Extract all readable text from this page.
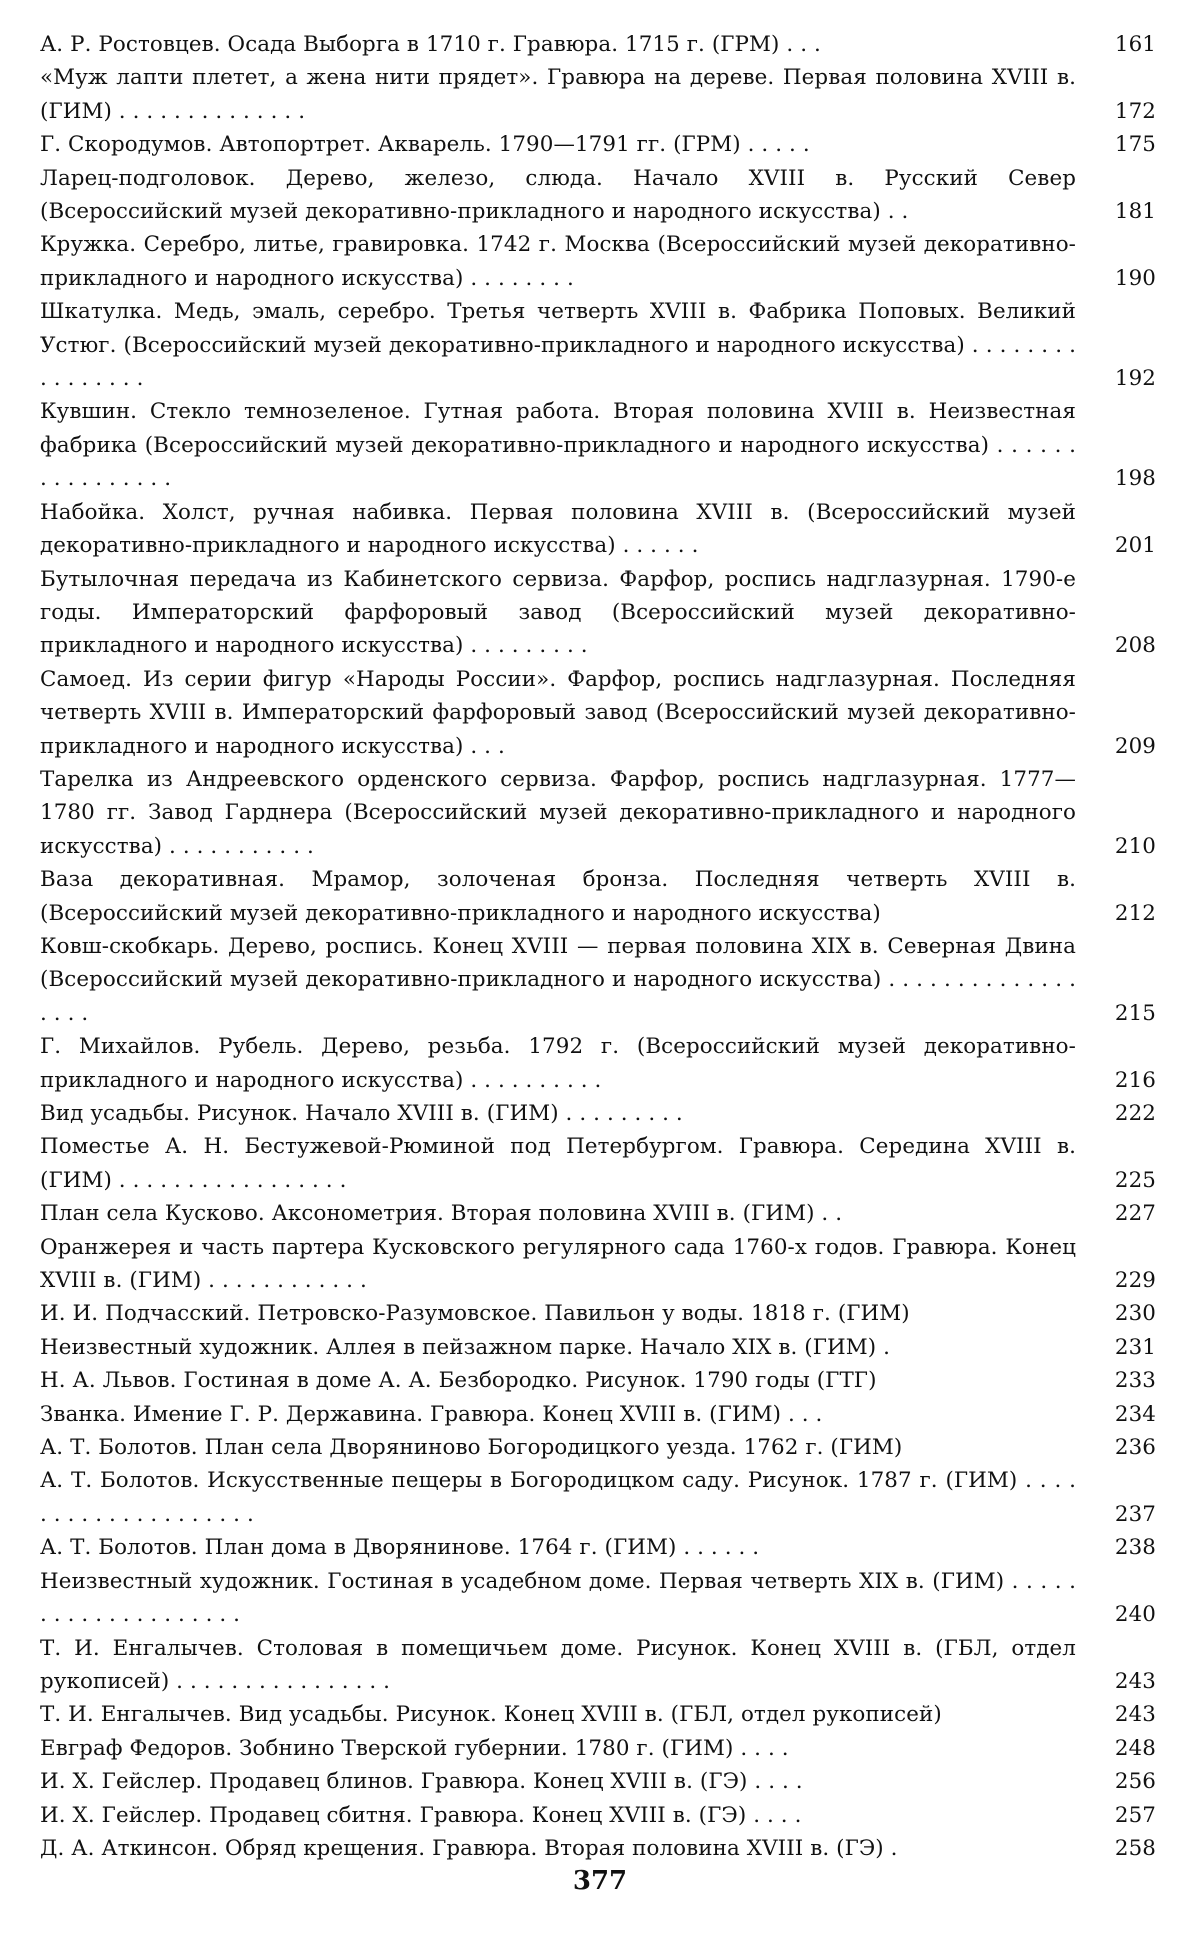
А. Р. Ростовцев. Осада Выборга в 1710 г. Гравюра. 1715 г. (ГРМ) . . .	161
«Муж лапти плетет, а жена нити прядет». Гравюра на дереве. Первая половина XVIII в. (ГИМ) . . . . . . . . . . . . . .	172
Г. Скородумов. Автопортрет. Акварель. 1790—1791 гг. (ГРМ) . . . . .	175
Ларец-подголовок. Дерево, железо, слюда. Начало XVIII в. Русский Север (Всероссийский музей декоративно-прикладного и народного искусства) . .	181
Кружка. Серебро, литье, гравировка. 1742 г. Москва (Всероссийский музей декоративно-прикладного и народного искусства) . . . . . . . .	190
Шкатулка. Медь, эмаль, серебро. Третья четверть XVIII в. Фабрика Поповых. Великий Устюг. (Всероссийский музей декоративно-прикладного и народного искусства) . . . . . . . . . . . . . . . .	192
Кувшин. Стекло темнозеленое. Гутная работа. Вторая половина XVIII в. Неизвестная фабрика (Всероссийский музей декоративно-прикладного и народного искусства) . . . . . . . . . . . . . . . .	198
Набойка. Холст, ручная набивка. Первая половина XVIII в. (Всероссийский музей декоративно-прикладного и народного искусства) . . . . . .	201
Бутылочная передача из Кабинетского сервиза. Фарфор, роспись надглазурная. 1790-е годы. Императорский фарфоровый завод (Всероссийский музей декоративно-прикладного и народного искусства) . . . . . . . . .	208
Самоед. Из серии фигур «Народы России». Фарфор, роспись надглазурная. Последняя четверть XVIII в. Императорский фарфоровый завод (Всероссийский музей декоративно-прикладного и народного искусства) . . .	209
Тарелка из Андреевского орденского сервиза. Фарфор, роспись надглазурная. 1777—1780 гг. Завод Гарднера (Всероссийский музей декоративно-прикладного и народного искусства) . . . . . . . . . . .	210
Ваза декоративная. Мрамор, золоченая бронза. Последняя четверть XVIII в. (Всероссийский музей декоративно-прикладного и народного искусства)	212
Ковш-скобкарь. Дерево, роспись. Конец XVIII — первая половина XIX в. Северная Двина (Всероссийский музей декоративно-прикладного и народного искусства) . . . . . . . . . . . . . . . . . .	215
Г. Михайлов. Рубель. Дерево, резьба. 1792 г. (Всероссийский музей декоративно-прикладного и народного искусства) . . . . . . . . . .	216
Вид усадьбы. Рисунок. Начало XVIII в. (ГИМ) . . . . . . . . .	222
Поместье А. Н. Бестужевой-Рюминой под Петербургом. Гравюра. Середина XVIII в. (ГИМ) . . . . . . . . . . . . . . . . .	225
План села Кусково. Аксонометрия. Вторая половина XVIII в. (ГИМ) . .	227
Оранжерея и часть партера Кусковского регулярного сада 1760-х годов. Гравюра. Конец XVIII в. (ГИМ) . . . . . . . . . . . .	229
И. И. Подчасский. Петровско-Разумовское. Павильон у воды. 1818 г. (ГИМ)	230
Неизвестный художник. Аллея в пейзажном парке. Начало XIX в. (ГИМ) .	231
Н. А. Львов. Гостиная в доме А. А. Безбородко. Рисунок. 1790 годы (ГТГ)	233
Званка. Имение Г. Р. Державина. Гравюра. Конец XVIII в. (ГИМ) . . .	234
А. Т. Болотов. План села Дворяниново Богородицкого уезда. 1762 г. (ГИМ)	236
А. Т. Болотов. Искусственные пещеры в Богородицком саду. Рисунок. 1787 г. (ГИМ) . . . . . . . . . . . . . . . . . . . .	237
А. Т. Болотов. План дома в Дворянинове. 1764 г. (ГИМ) . . . . . .	238
Неизвестный художник. Гостиная в усадебном доме. Первая четверть XIX в. (ГИМ) . . . . . . . . . . . . . . . . . . . .	240
Т. И. Енгалычев. Столовая в помещичьем доме. Рисунок. Конец XVIII в. (ГБЛ, отдел рукописей) . . . . . . . . . . . . . . . .	243
Т. И. Енгалычев. Вид усадьбы. Рисунок. Конец XVIII в. (ГБЛ, отдел рукописей)	243
Евграф Федоров. Зобнино Тверской губернии. 1780 г. (ГИМ) . . . .	248
И. Х. Гейслер. Продавец блинов. Гравюра. Конец XVIII в. (ГЭ) . . . .	256
И. Х. Гейслер. Продавец сбитня. Гравюра. Конец XVIII в. (ГЭ) . . . .	257
Д. А. Аткинсон. Обряд крещения. Гравюра. Вторая половина XVIII в. (ГЭ) .	258
377
